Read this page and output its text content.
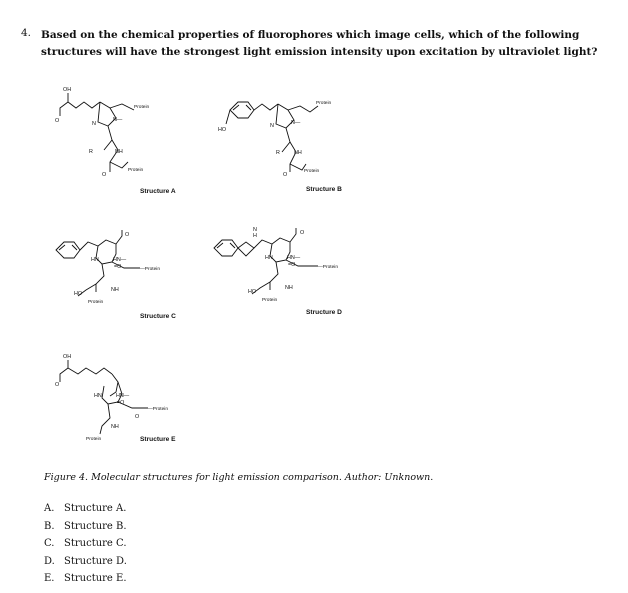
4. Based on the chemical properties of fluorophores which image cells, which of the following structures will have the strongest light emission intensity upon excitation by ultraviolet light?
OH
O	N
N—
Protein
R	NH
O
Protein
Structure A
HO
N	N—
Protein
R	NH
O
Protein
Structure B
O
HN	HN—
=O	—Protein
HO
NH
Protein
Structure C
H
N	O
HN	HN—
=O	—Protein
HO
NH
Protein
Structure D
OH
O
HN	HN—
=O
—Protein
O
NH
Protein	Structure E
Figure 4. Molecular structures for light emission comparison. Author: Unknown.
A. Structure A.
B. Structure B.
C. Structure C.
D. Structure D.
E. Structure E.
